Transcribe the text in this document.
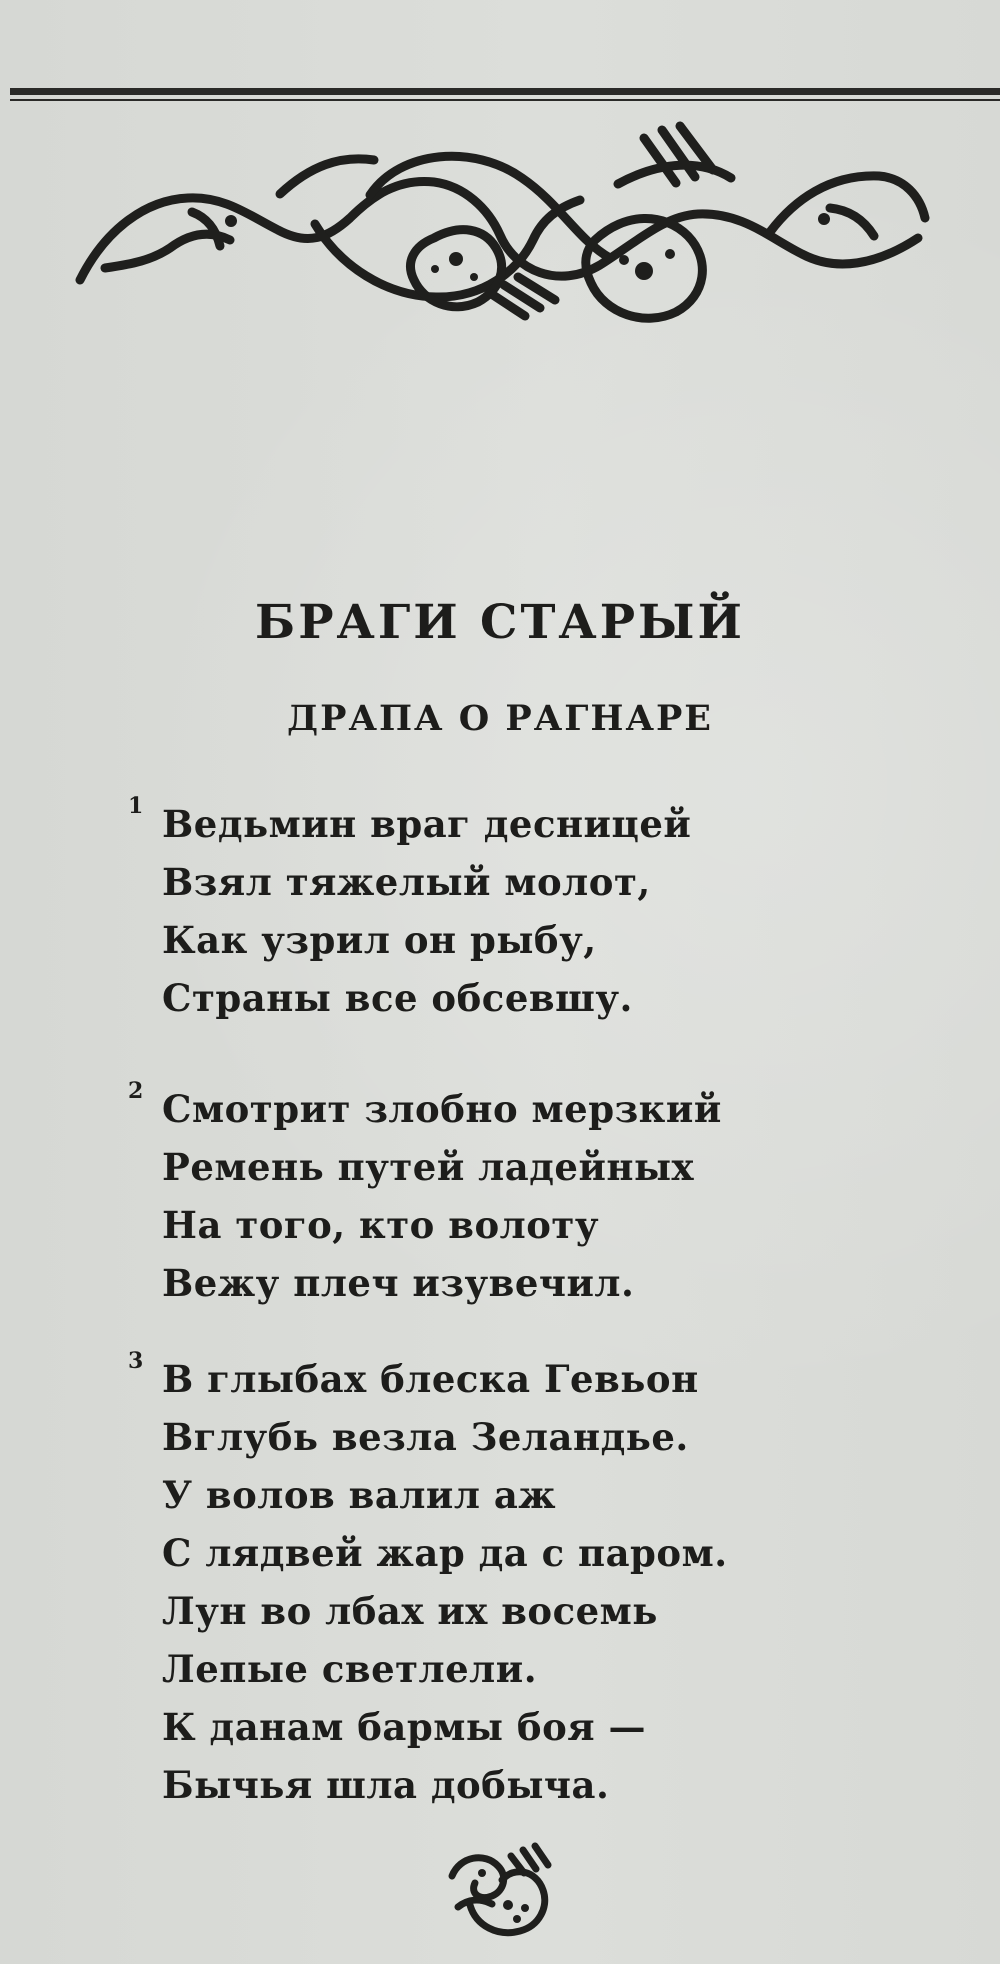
БРАГИ СТАРЫЙ
ДРАПА О РАГНАРЕ
1 Ведьмин враг десницей
Взял тяжелый молот,
Как узрил он рыбу,
Страны все обсевшу.
2 Смотрит злобно мерзкий
Ремень путей ладейных
На того, кто волоту
Вежу плеч изувечил.
3 В глыбах блеска Гевьон
Вглубь везла Зеландье.
У волов валил аж
С лядвей жар да с паром.
Лун во лбах их восемь
Лепые светлели.
К данам бармы боя —
Бычья шла добыча.
